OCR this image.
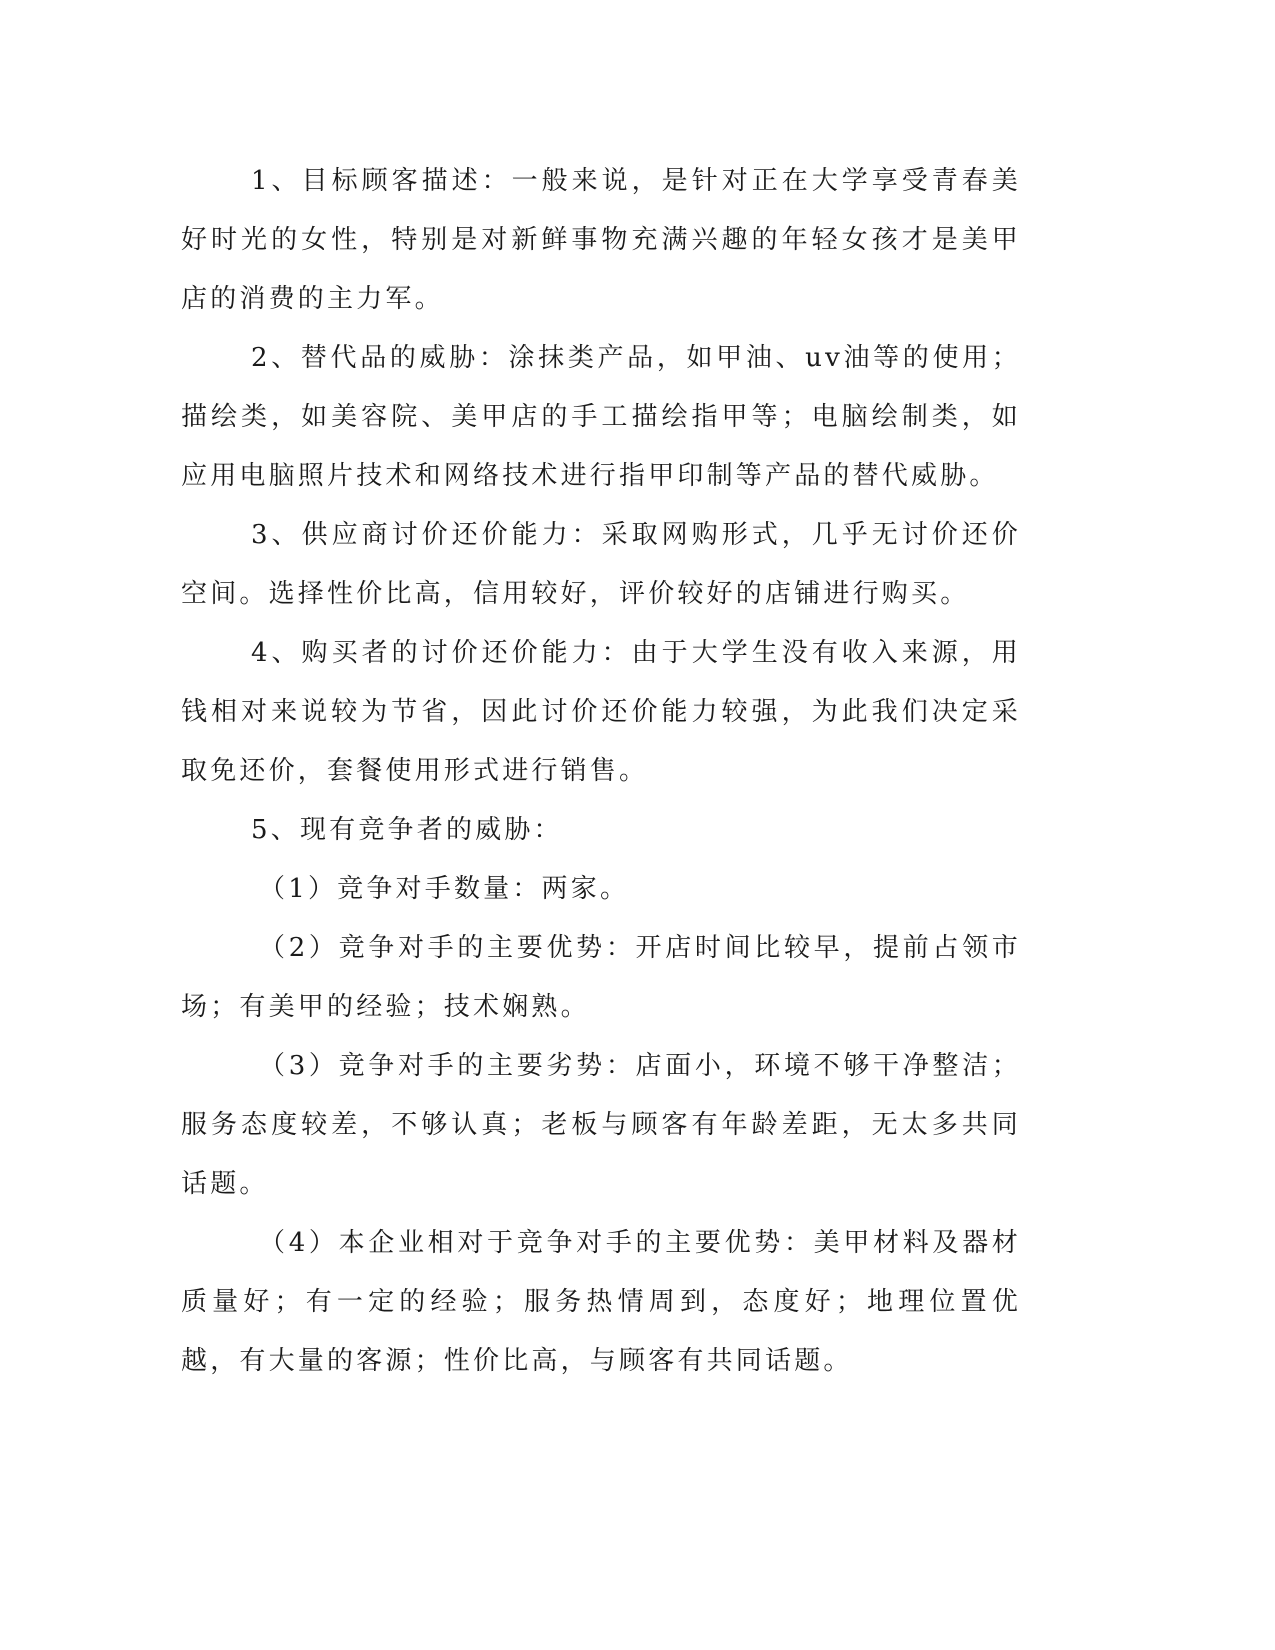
1、目标顾客描述：一般来说，是针对正在大学享受青春美好时光的女性，特别是对新鲜事物充满兴趣的年轻女孩才是美甲店的消费的主力军。

2、替代品的威胁：涂抹类产品，如甲油、uv油等的使用；描绘类，如美容院、美甲店的手工描绘指甲等；电脑绘制类，如应用电脑照片技术和网络技术进行指甲印制等产品的替代威胁。

3、供应商讨价还价能力：采取网购形式，几乎无讨价还价空间。选择性价比高，信用较好，评价较好的店铺进行购买。

4、购买者的讨价还价能力：由于大学生没有收入来源，用钱相对来说较为节省，因此讨价还价能力较强，为此我们决定采取免还价，套餐使用形式进行销售。

5、现有竞争者的威胁：

（1）竞争对手数量：两家。

（2）竞争对手的主要优势：开店时间比较早，提前占领市场；有美甲的经验；技术娴熟。

（3）竞争对手的主要劣势：店面小，环境不够干净整洁；服务态度较差，不够认真；老板与顾客有年龄差距，无太多共同话题。

（4）本企业相对于竞争对手的主要优势：美甲材料及器材质量好；有一定的经验；服务热情周到，态度好；地理位置优越，有大量的客源；性价比高，与顾客有共同话题。
